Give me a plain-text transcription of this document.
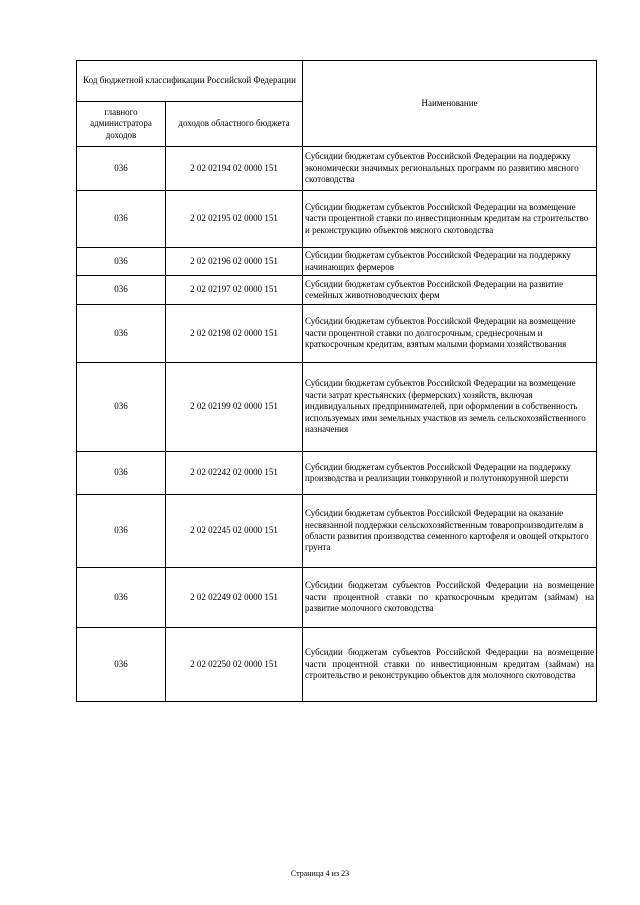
Код бюджетной классификации Российской Федерации		Наименование
главного администратора доходов	доходов областного бюджета	
036	2 02 02194 02 0000 151	Субсидии бюджетам субъектов Российской Федерации на поддержку экономически значимых региональных программ по развитию мясного скотоводства
036	2 02 02195 02 0000 151	Субсидии бюджетам субъектов Российской Федерации на возмещение части процентной ставки по инвестиционным кредитам на строительство и реконструкцию объектов мясного скотоводства
036	2 02 02196 02 0000 151	Субсидии бюджетам субъектов Российской Федерации на поддержку начинающих фермеров
036	2 02 02197 02 0000 151	Субсидии бюджетам субъектов Российской Федерации на развитие семейных животноводческих ферм
036	2 02 02198 02 0000 151	Субсидии бюджетам субъектов Российской Федерации на возмещение части процентной ставки по долгосрочным, среднесрочным и краткосрочным кредитам, взятым малыми формами хозяйствования
036	2 02 02199 02 0000 151	Субсидии бюджетам субъектов Российской Федерации на возмещение части затрат крестьянских (фермерских) хозяйств, включая индивидуальных предпринимателей, при оформлении в собственность используемых ими земельных участков из земель сельскохозяйственного назначения
036	2 02 02242 02 0000 151	Субсидии бюджетам субъектов Российской Федерации на поддержку производства и реализации тонкорунной и полутонкорунной шерсти
036	2 02 02245 02 0000 151	Субсидии бюджетам субъектов Российской Федерации на оказание несвязанной поддержки сельскохозяйственным товаропроизводителям в области развития производства семенного картофеля и овощей открытого грунта
036	2 02 02249 02 0000 151	Субсидии бюджетам субъектов Российской Федерации на возмещение части процентной ставки по краткосрочным кредитам (займам) на развитие молочного скотоводства
036	2 02 02250 02 0000 151	Субсидии бюджетам субъектов Российской Федерации на возмещение части процентной ставки по инвестиционным кредитам (займам) на строительство и реконструкцию объектов для молочного скотоводства
Страница 4 из 23
